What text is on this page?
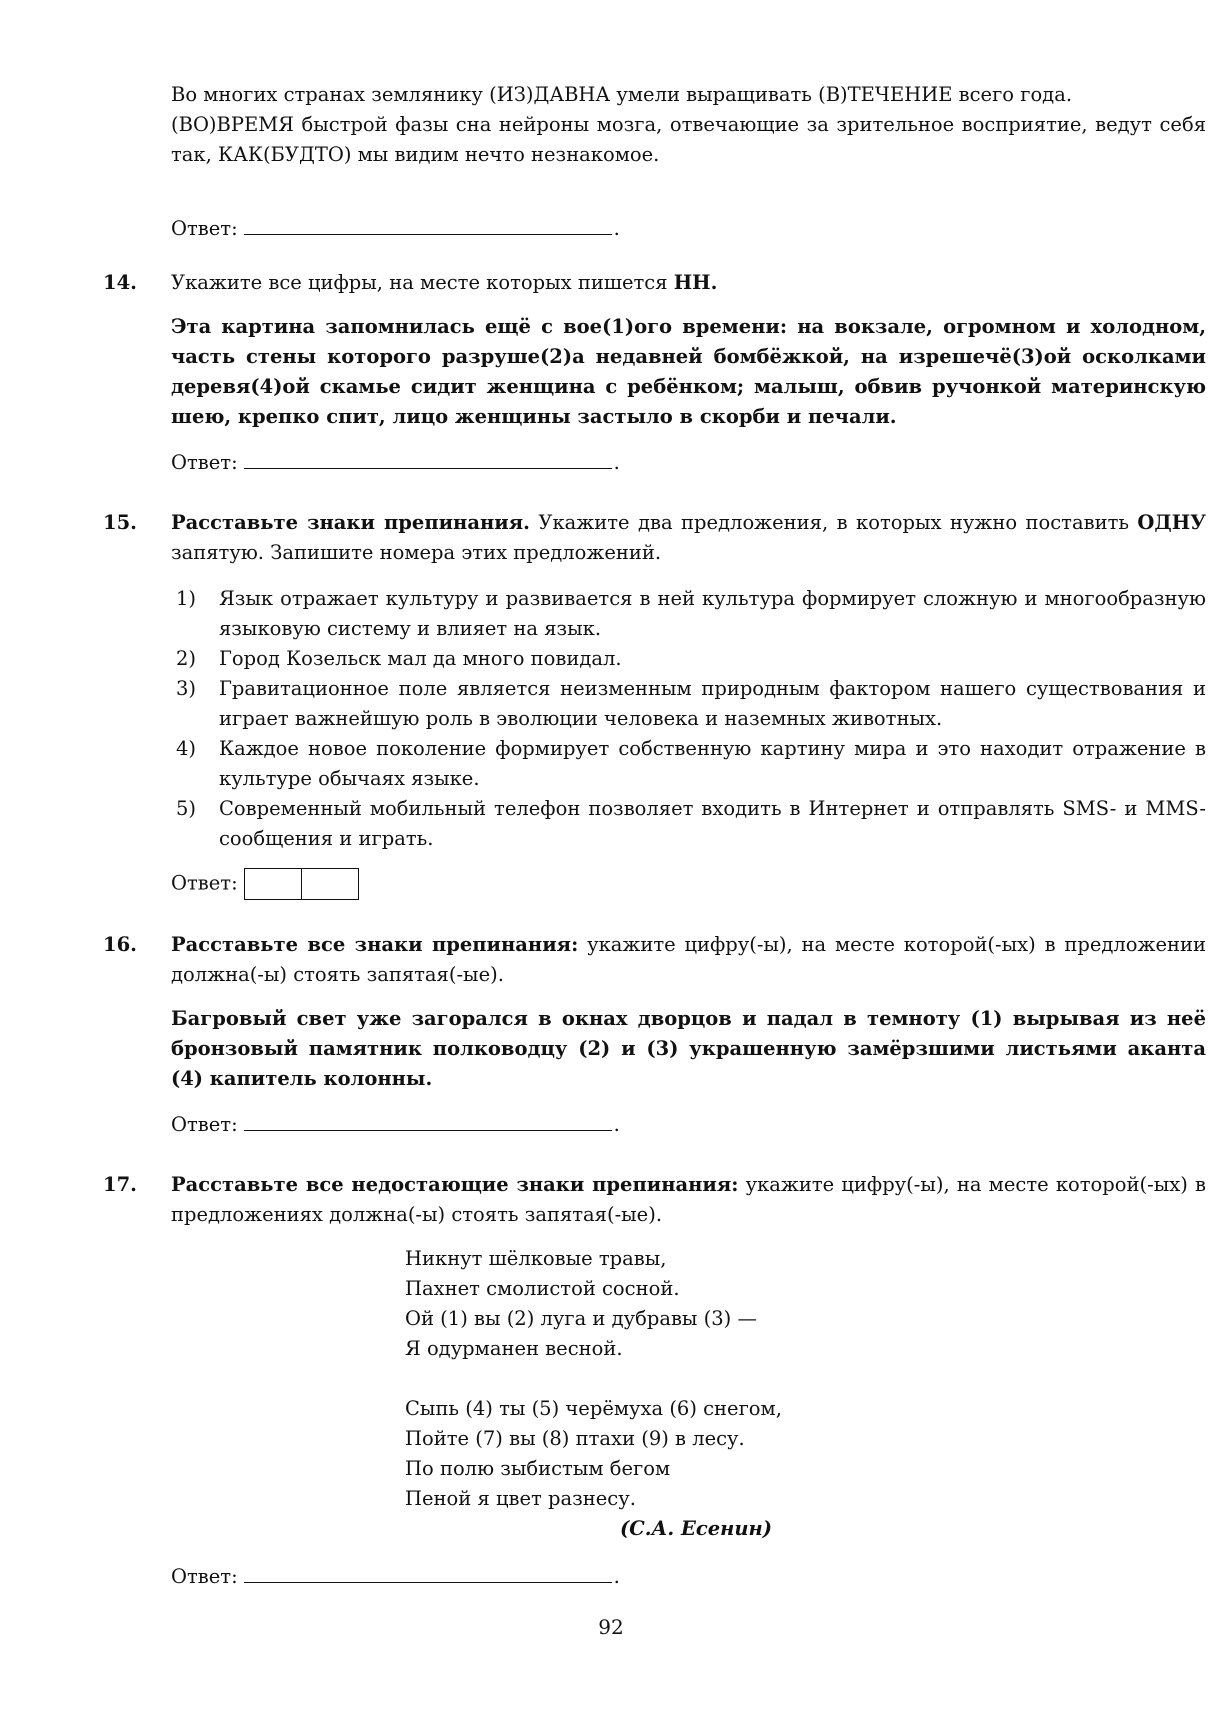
Во многих странах землянику (ИЗ)ДАВНА умели выращивать (В)ТЕЧЕНИЕ всего года.

(ВО)ВРЕМЯ быстрой фазы сна нейроны мозга, отвечающие за зрительное восприятие, ведут себя так, КАК(БУДТО) мы видим нечто незнакомое.

Ответ:	.
14. Укажите все цифры, на месте которых пишется НН.

Эта картина запомнилась ещё с вое(1)ого времени: на вокзале, огромном и холодном, часть стены которого разруше(2)а недавней бомбёжкой, на изрешечё(3)ой осколками деревя(4)ой скамье сидит женщина с ребёнком; малыш, обвив ручонкой материнскую шею, крепко спит, лицо женщины застыло в скорби и печали.
Ответ:	.
15. Расставьте знаки препинания. Укажите два предложения, в которых нужно поставить ОДНУ запятую. Запишите номера этих предложений.

1) Язык отражает культуру и развивается в ней культура формирует сложную и многообразную языковую систему и влияет на язык.
2) Город Козельск мал да много повидал.
3) Гравитационное поле является неизменным природным фактором нашего существования и играет важнейшую роль в эволюции человека и наземных животных.
4) Каждое новое поколение формирует собственную картину мира и это находит отражение в культуре обычаях языке.
5) Современный мобильный телефон позволяет входить в Интернет и отправлять SMS- и MMS-сообщения и играть.
Ответ:
16. Расставьте все знаки препинания: укажите цифру(-ы), на месте которой(-ых) в предложении должна(-ы) стоять запятая(-ые).

Багровый свет уже загорался в окнах дворцов и падал в темноту (1) вырывая из неё бронзовый памятник полководцу (2) и (3) украшенную замёрзшими листьями аканта (4) капитель колонны.
Ответ:	.
17. Расставьте все недостающие знаки препинания: укажите цифру(-ы), на месте которой(-ых) в предложениях должна(-ы) стоять запятая(-ые).

Никнут шёлковые травы,
Пахнет смолистой сосной.
Ой (1) вы (2) луга и дубравы (3) —
Я одурманен весной.
Сыпь (4) ты (5) черёмуха (6) снегом,
Пойте (7) вы (8) птахи (9) в лесу.
По полю зыбистым бегом
Пеной я цвет разнесу.
(С.А. Есенин)
Ответ:	.
92
